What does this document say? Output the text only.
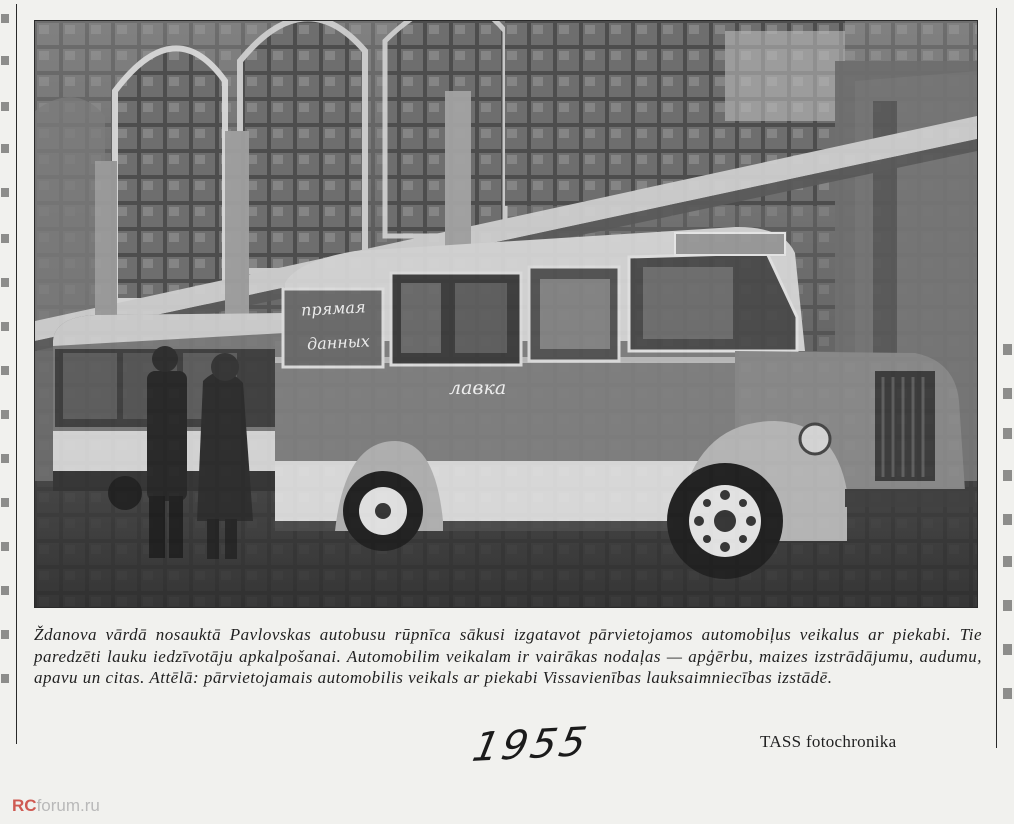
прямая
данных
лавка
Ždanova vārdā nosauktā Pavlovskas autobusu rūpnīca sākusi izgatavot pārvietojamos automobiļus veikalus ar piekabi. Tie paredzēti lauku iedzīvotāju apkalpošanai. Automobilim veikalam ir vairākas nodaļas — apģērbu, maizes izstrādājumu, audumu, apavu un citas. Attēlā: pārvietojamais automobilis veikals ar piekabi Vissavienības lauksaimniecības izstādē.
1955	TASS fotochronika
RCforum.ru
